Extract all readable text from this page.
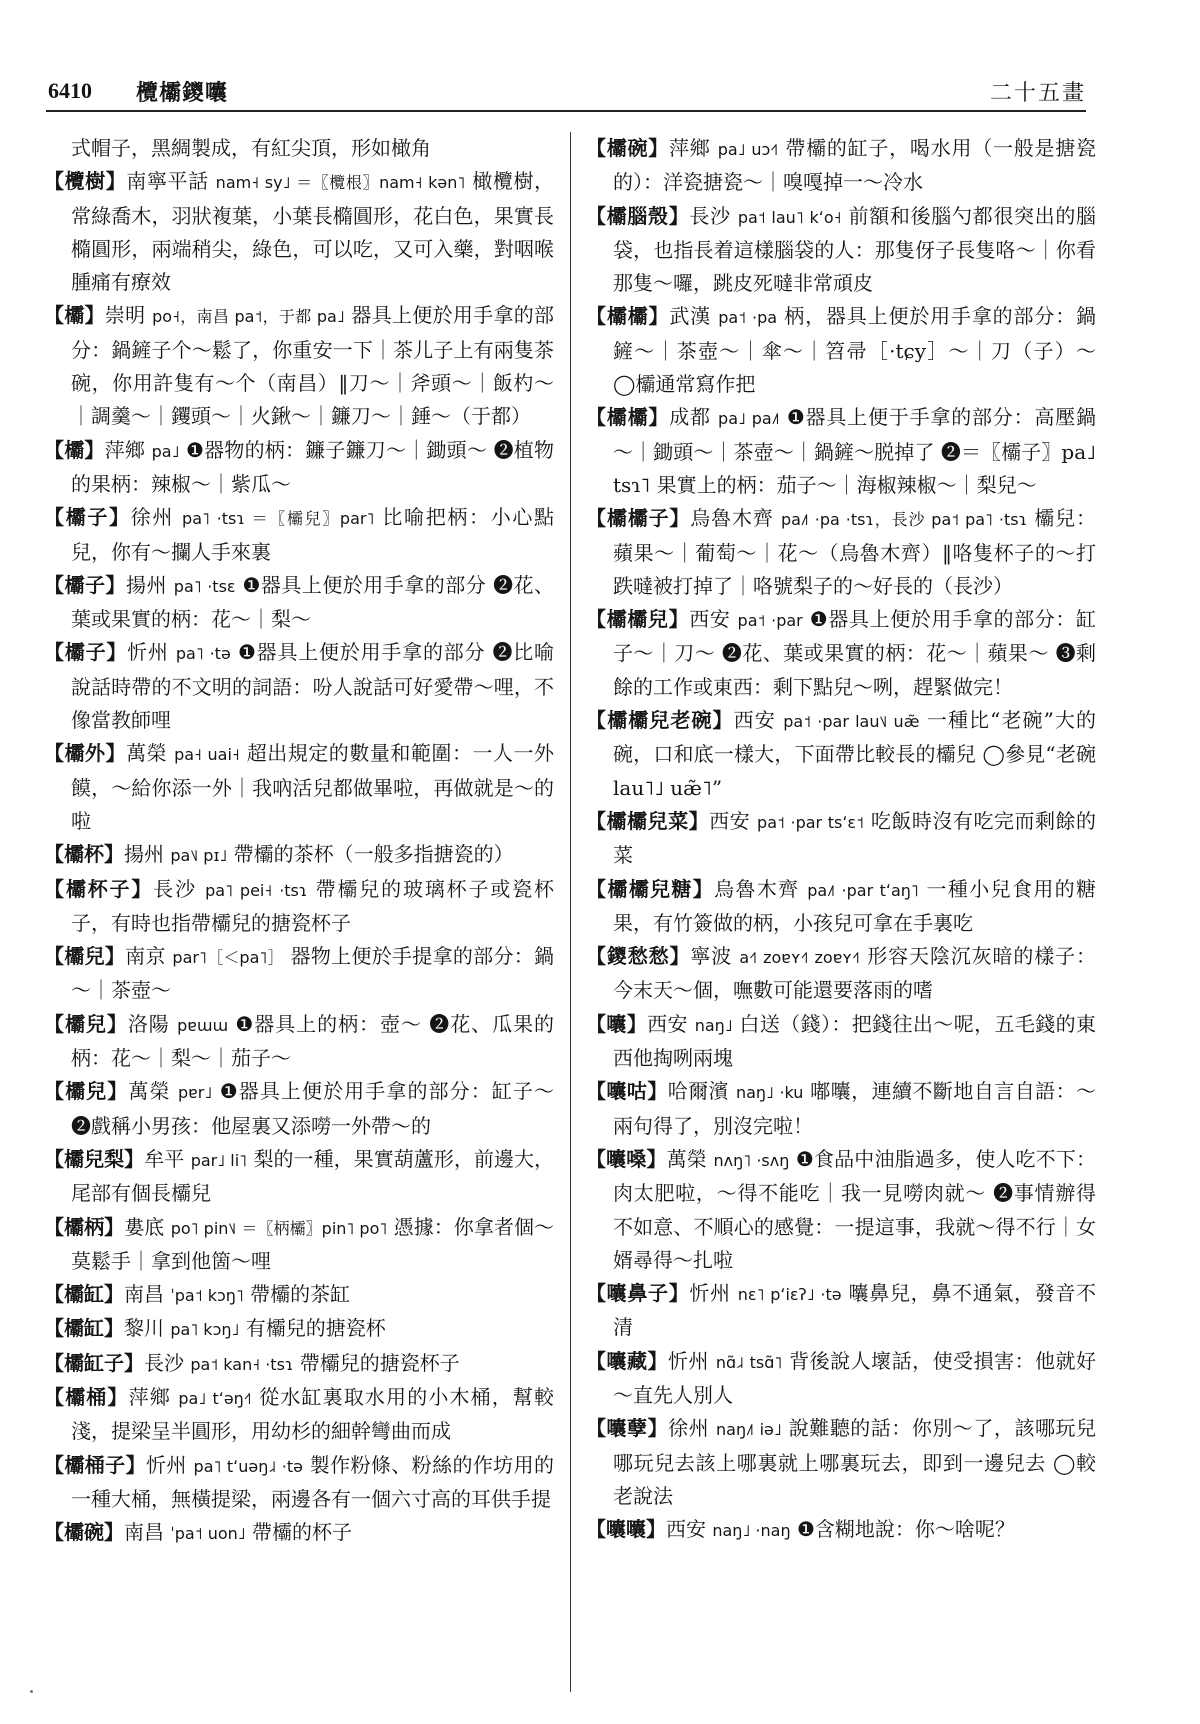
6410 欖欛鑁囔	二十五畫
式帽子，黑綢製成，有紅尖頂，形如橄角
【欖樹】南寧平話 nam˧ sy˩ ＝〖欖根〗nam˧ kən˥ 橄欖樹，常綠喬木，羽狀複葉，小葉長橢圓形，花白色，果實長橢圓形，兩端稍尖，綠色，可以吃，又可入藥，對咽喉腫痛有療效
【欛】崇明 po˧，南昌 pa˦，于都 pa˩ 器具上便於用手拿的部分：鍋鏟子个～鬆了，你重安一下｜茶儿子上有兩隻茶碗，你用許隻有～个（南昌）‖刀～｜斧頭～｜飯杓～｜調羹～｜钁頭～｜火鍬～｜鐮刀～｜錘～（于都）
【欛】萍鄉 pa˩ ❶器物的柄：鐮子鐮刀～｜鋤頭～ ❷植物的果柄：辣椒～｜紫瓜～
【欛子】徐州 pa˥ ·tsɿ ＝〖欛兒〗par˥ 比喻把柄：小心點兒，你有～攔人手來裏
【欛子】揚州 pa˥ ·tsɛ ❶器具上便於用手拿的部分 ❷花、葉或果實的柄：花～｜梨～
【欛子】忻州 pa˥ ·tə ❶器具上便於用手拿的部分 ❷比喻說話時帶的不文明的詞語：吩人說話可好愛帶～哩，不像當教師哩
【欛外】萬榮 pa˧ uai˧ 超出規定的數量和範圍：一人一外饃，～給你添一外｜我吶活兒都做畢啦，再做就是～的啦
【欛杯】揚州 pa˥˩ pɪ˩ 帶欛的茶杯（一般多指搪瓷的）
【欛杯子】長沙 pa˥ pei˧ ·tsɿ 帶欛兒的玻璃杯子或瓷杯子，有時也指帶欛兒的搪瓷杯子
【欛兒】南京 par˥［＜pa˥］ 器物上便於手提拿的部分：鍋～｜茶壺～
【欛兒】洛陽 pɐɯɯ ❶器具上的柄：壺～ ❷花、瓜果的柄：花～｜梨～｜茄子～
【欛兒】萬榮 pɐr˩ ❶器具上便於用手拿的部分：缸子～ ❷戲稱小男孩：他屋裏又添嘮一外帶～的
【欛兒梨】牟平 par˩ li˥ 梨的一種，果實葫蘆形，前邊大，尾部有個長欛兒
【欛柄】婁底 po˥ pin˥˩ ＝〖柄欛〗pin˥ po˥ 憑據：你拿者個～莫鬆手｜拿到他箇～哩
【欛缸】南昌 ˈpa˦ kɔŋ˥ 帶欛的茶缸
【欛缸】黎川 pa˥ kɔŋ˩ 有欛兒的搪瓷杯
【欛缸子】長沙 pa˦ kan˧ ·tsɿ 帶欛兒的搪瓷杯子
【欛桶】萍鄉 pa˩ tʻəŋ˧˥ 從水缸裏取水用的小木桶，幫較淺，提梁呈半圓形，用幼杉的細幹彎曲而成
【欛桶子】忻州 pa˥ tʻuəŋ˩˨ ·tə 製作粉條、粉絲的作坊用的一種大桶，無橫提梁，兩邊各有一個六寸高的耳供手提
【欛碗】南昌 ˈpa˦ uon˩ 帶欛的杯子
【欛碗】萍鄉 pa˩ uɔ˧˥ 帶欛的缸子，喝水用（一般是搪瓷的）：洋瓷搪瓷～｜嗅嘎掉一～冷水
【欛腦殼】長沙 pa˦ lau˥ kʻo˧ 前額和後腦勺都很突出的腦袋，也指長着這樣腦袋的人：那隻伢子長隻咯～｜你看那隻～囉，跳皮死噠非常頑皮
【欛欛】武漢 pa˦ ·pa 柄，器具上便於用手拿的部分：鍋鏟～｜茶壺～｜傘～｜笤帚［·tɕy］～｜刀（子）～ ◯欛通常寫作把
【欛欛】成都 pa˩ pa˩˥ ❶器具上便于手拿的部分：高壓鍋～｜鋤頭～｜茶壺～｜鍋鏟～脱掉了 ❷＝〖欛子〗pa˩ tsɿ˥ 果實上的柄：茄子～｜海椒辣椒～｜梨兒～
【欛欛子】烏魯木齊 pa˩˥ ·pa ·tsɿ，長沙 pa˦ pa˥ ·tsɿ 欛兒：蘋果～｜葡萄～｜花～（烏魯木齊）‖咯隻杯子的～打跌噠被打掉了｜咯號梨子的～好長的（長沙）
【欛欛兒】西安 pa˦ ·par ❶器具上便於用手拿的部分：缸子～｜刀～ ❷花、葉或果實的柄：花～｜蘋果～ ❸剩餘的工作或東西：剩下點兒～咧，趕緊做完！
【欛欛兒老碗】西安 pa˦ ·par lau˥˩ uæ̃ 一種比“老碗”大的碗，口和底一樣大，下面帶比較長的欛兒 ◯參見“老碗 lau˥˩ uæ̃˥”
【欛欛兒菜】西安 pa˦ ·par tsʻɛ˦ 吃飯時沒有吃完而剩餘的菜
【欛欛兒糖】烏魯木齊 pa˩˥ ·par tʻaŋ˥ 一種小兒食用的糖果，有竹簽做的柄，小孩兒可拿在手裏吃
【鑁愁愁】寧波 a˧˥ zoɐʏ˧˥ zoɐʏ˧˥ 形容天陰沉灰暗的樣子：今末天～個，嘸數可能還要落雨的嗜
【囔】西安 naŋ˩ 白送（錢）：把錢往出～呢，五毛錢的東西他掏咧兩塊
【囔咕】哈爾濱 naŋ˩ ·ku 嘟囔，連續不斷地自言自語：～兩句得了，別沒完啦！
【囔嗓】萬榮 nʌŋ˥ ·sʌŋ ❶食品中油脂過多，使人吃不下：肉太肥啦，～得不能吃｜我一見嘮肉就～ ❷事情辦得不如意、不順心的感覺：一提這事，我就～得不行｜女婿尋得～扎啦
【囔鼻子】忻州 nɛ˥ pʻiɛʔ˩ ·tə 囔鼻兒，鼻不通氣，發音不清
【囔藏】忻州 nɑ̃˩˨ tsɑ̃˥ 背後說人壞話，使受損害：他就好～直先人別人
【囔孽】徐州 naŋ˩˥ iə˩ 說難聽的話：你別～了，該哪玩兒哪玩兒去該上哪裏就上哪裏玩去，即到一邊兒去 ◯較老說法
【囔囔】西安 naŋ˩ ·naŋ ❶含糊地說：你～啥呢？
